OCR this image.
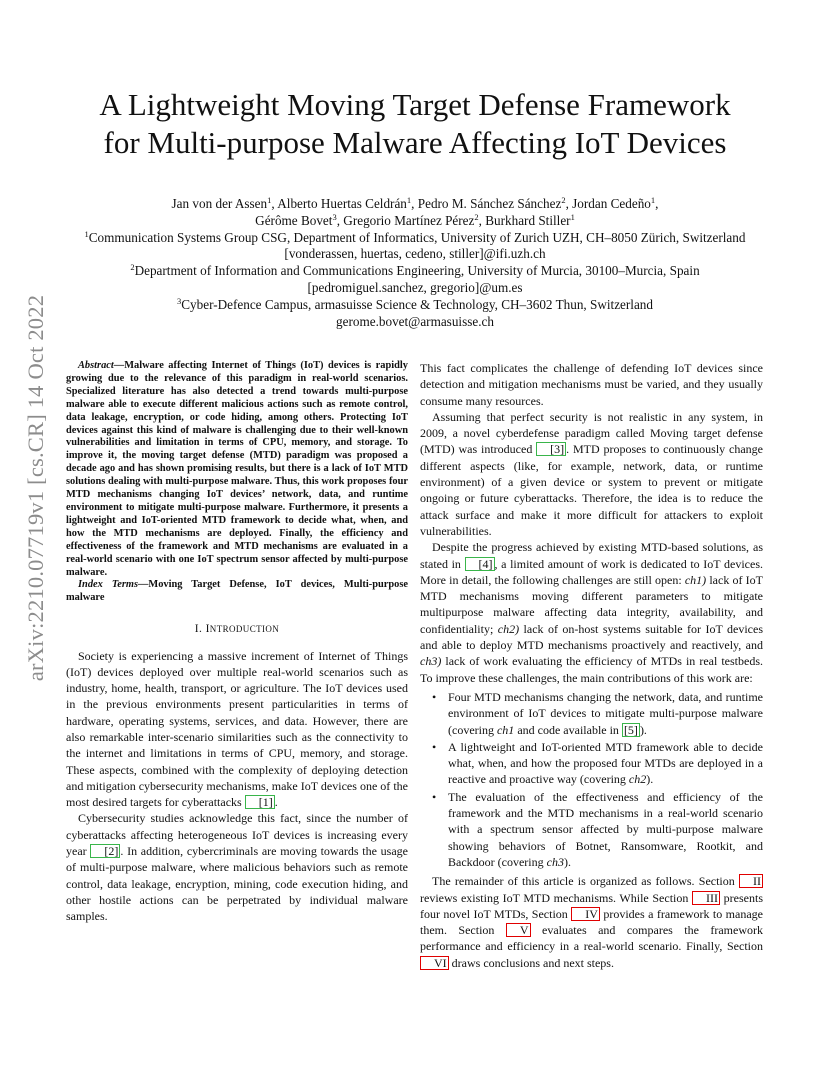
arXiv:2210.07719v1 [cs.CR] 14 Oct 2022
A Lightweight Moving Target Defense Framework
for Multi-purpose Malware Affecting IoT Devices
Jan von der Assen$^1$, Alberto Huertas Celdrán$^1$, Pedro M. Sánchez Sánchez$^2$, Jordan Cedeño$^1$,
Gérôme Bovet$^3$, Gregorio Martínez Pérez$^2$, Burkhard Stiller$^1$
$^1$Communication Systems Group CSG, Department of Informatics, University of Zurich UZH, CH–8050 Zürich, Switzerland
[vonderassen, huertas, cedeno, stiller]@ifi.uzh.ch
$^2$Department of Information and Communications Engineering, University of Murcia, 30100–Murcia, Spain
[pedromiguel.sanchez, gregorio]@um.es
$^3$Cyber-Defence Campus, armasuisse Science & Technology, CH–3602 Thun, Switzerland
gerome.bovet@armasuisse.ch

Abstract—Malware affecting Internet of Things (IoT) devices is rapidly growing due to the relevance of this paradigm in real-world scenarios. Specialized literature has also detected a trend towards multi-purpose malware able to execute different malicious actions such as remote control, data leakage, encryption, or code hiding, among others. Protecting IoT devices against this kind of malware is challenging due to their well-known vulnerabilities and limitation in terms of CPU, memory, and storage. To improve it, the moving target defense (MTD) paradigm was proposed a decade ago and has shown promising results, but there is a lack of IoT MTD solutions dealing with multi-purpose malware. Thus, this work proposes four MTD mechanisms changing IoT devices’ network, data, and runtime environment to mitigate multi-purpose malware. Furthermore, it presents a lightweight and IoT-oriented MTD framework to decide what, when, and how the MTD mechanisms are deployed. Finally, the efficiency and effectiveness of the framework and MTD mechanisms are evaluated in a real-world scenario with one IoT spectrum sensor affected by multi-purpose malware.

Index Terms—Moving Target Defense, IoT devices, Multi-purpose malware

I. INTRODUCTION

Society is experiencing a massive increment of Internet of Things (IoT) devices deployed over multiple real-world scenarios such as industry, home, health, transport, or agriculture. The IoT devices used in the previous environments present particularities in terms of hardware, operating systems, services, and data. However, there are also remarkable inter-scenario similarities such as the connectivity to the internet and limitations in terms of CPU, memory, and storage. These aspects, combined with the complexity of deploying detection and mitigation cybersecurity mechanisms, make IoT devices one of the most desired targets for cyberattacks [1] .

Cybersecurity studies acknowledge this fact, since the number of cyberattacks affecting heterogeneous IoT devices is increasing every year [2] . In addition, cybercriminals are moving towards the usage of multi-purpose malware, where malicious behaviors such as remote control, data leakage, encryption, mining, code execution hiding, and other hostile actions can be perpetrated by individual malware samples.

This fact complicates the challenge of defending IoT devices since detection and mitigation mechanisms must be varied, and they usually consume many resources.

Assuming that perfect security is not realistic in any system, in 2009, a novel cyberdefense paradigm called Moving target defense (MTD) was introduced [3] . MTD proposes to continuously change different aspects (like, for example, network, data, or runtime environment) of a given device or system to prevent or mitigate ongoing or future cyberattacks. Therefore, the idea is to reduce the attack surface and make it more difficult for attackers to exploit vulnerabilities.

Despite the progress achieved by existing MTD-based solutions, as stated in [4] , a limited amount of work is dedicated to IoT devices. More in detail, the following challenges are still open: ch1) lack of IoT MTD mechanisms moving different parameters to mitigate multipurpose malware affecting data integrity, availability, and confidentiality; ch2) lack of on-host systems suitable for IoT devices and able to deploy MTD mechanisms proactively and reactively, and ch3) lack of work evaluating the efficiency of MTDs in real testbeds. To improve these challenges, the main contributions of this work are:

• Four MTD mechanisms changing the network, data, and runtime environment of IoT devices to mitigate multi-purpose malware (covering ch1 and code available in [5] ).
• A lightweight and IoT-oriented MTD framework able to decide what, when, and how the proposed four MTDs are deployed in a reactive and proactive way (covering ch2).
• The evaluation of the effectiveness and efficiency of the framework and the MTD mechanisms in a real-world scenario with a spectrum sensor affected by multi-purpose malware showing behaviors of Botnet, Ransomware, Rootkit, and Backdoor (covering ch3).

The remainder of this article is organized as follows. Section II reviews existing IoT MTD mechanisms. While Section III presents four novel IoT MTDs, Section IV provides a framework to manage them. Section V evaluates and compares the framework performance and efficiency in a real-world scenario. Finally, Section VI draws conclusions and next steps.
